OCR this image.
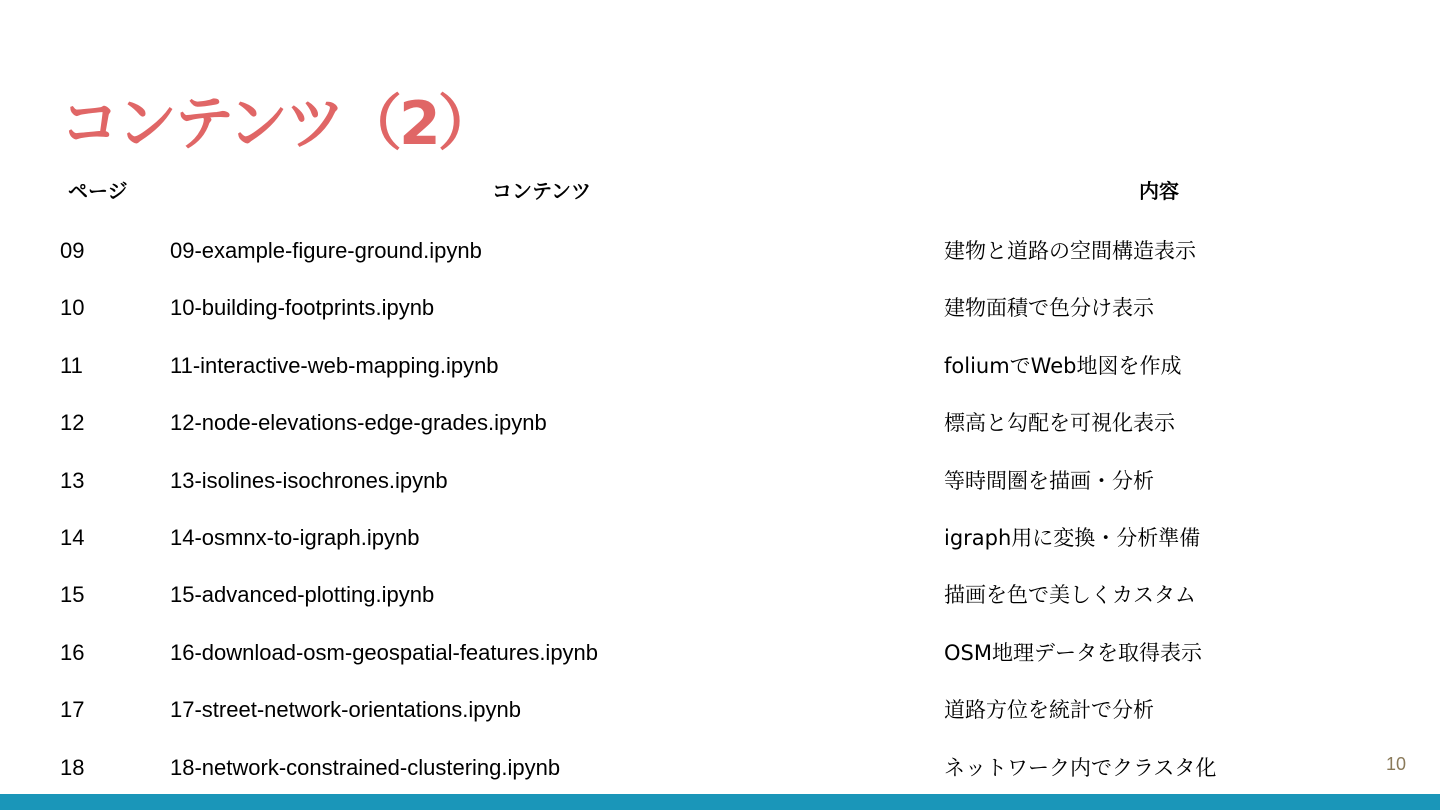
コンテンツ（2）
ページ	コンテンツ	内容
09	09-example-figure-ground.ipynb	建物と道路の空間構造表示
10	10-building-footprints.ipynb	建物面積で色分け表示
11	11-interactive-web-mapping.ipynb	foliumでWeb地図を作成
12	12-node-elevations-edge-grades.ipynb	標高と勾配を可視化表示
13	13-isolines-isochrones.ipynb	等時間圏を描画・分析
14	14-osmnx-to-igraph.ipynb	igraph用に変換・分析準備
15	15-advanced-plotting.ipynb	描画を色で美しくカスタム
16	16-download-osm-geospatial-features.ipynb	OSM地理データを取得表示
17	17-street-network-orientations.ipynb	道路方位を統計で分析
18	18-network-constrained-clustering.ipynb	ネットワーク内でクラスタ化	10
